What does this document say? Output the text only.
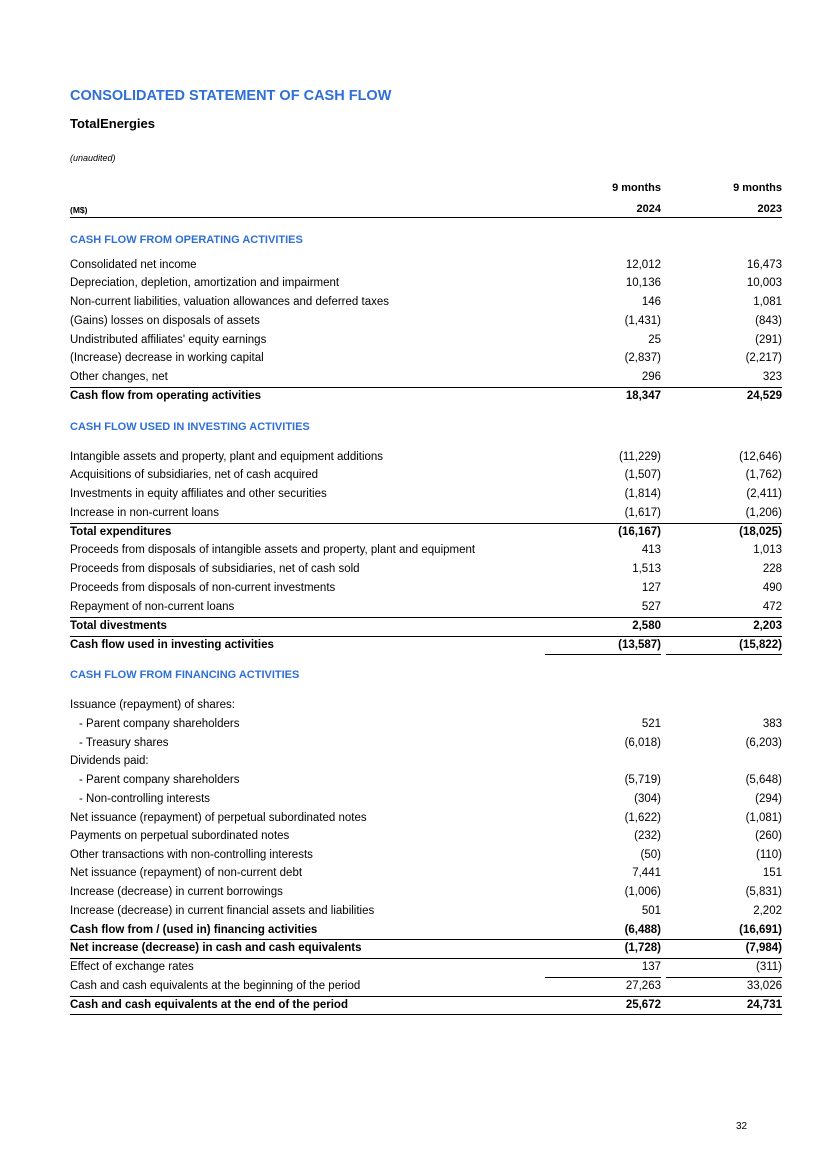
CONSOLIDATED STATEMENT OF CASH FLOW
TotalEnergies
(unaudited)
9 months	9 months
(M$)	2024	2023
CASH FLOW FROM OPERATING ACTIVITIES
CASH FLOW USED IN INVESTING ACTIVITIES
CASH FLOW FROM FINANCING ACTIVITIES
Consolidated net income	12,012	16,473
Depreciation, depletion, amortization and impairment	10,136	10,003
Non-current liabilities, valuation allowances and deferred taxes	146	1,081
(Gains) losses on disposals of assets	(1,431)	(843)
Undistributed affiliates' equity earnings	25	(291)
(Increase) decrease in working capital	(2,837)	(2,217)
Other changes, net	296	323
Cash flow from operating activities	18,347	24,529
Intangible assets and property, plant and equipment additions	(11,229)	(12,646)
Acquisitions of subsidiaries, net of cash acquired	(1,507)	(1,762)
Investments in equity affiliates and other securities	(1,814)	(2,411)
Increase in non-current loans	(1,617)	(1,206)
Total expenditures	(16,167)	(18,025)
Proceeds from disposals of intangible assets and property, plant and equipment	413	1,013
Proceeds from disposals of subsidiaries, net of cash sold	1,513	228
Proceeds from disposals of non-current investments	127	490
Repayment of non-current loans	527	472
Total divestments	2,580	2,203
Cash flow used in investing activities	(13,587)	(15,822)
Issuance (repayment) of shares:
- Parent company shareholders	521	383
- Treasury shares	(6,018)	(6,203)
Dividends paid:
- Parent company shareholders	(5,719)	(5,648)
- Non-controlling interests	(304)	(294)
Net issuance (repayment) of perpetual subordinated notes	(1,622)	(1,081)
Payments on perpetual subordinated notes	(232)	(260)
Other transactions with non-controlling interests	(50)	(110)
Net issuance (repayment) of non-current debt	7,441	151
Increase (decrease) in current borrowings	(1,006)	(5,831)
Increase (decrease) in current financial assets and liabilities	501	2,202
Cash flow from / (used in) financing activities	(6,488)	(16,691)
Net increase (decrease) in cash and cash equivalents	(1,728)	(7,984)
Effect of exchange rates	137	(311)
Cash and cash equivalents at the beginning of the period	27,263	33,026
Cash and cash equivalents at the end of the period	25,672	24,731
32
